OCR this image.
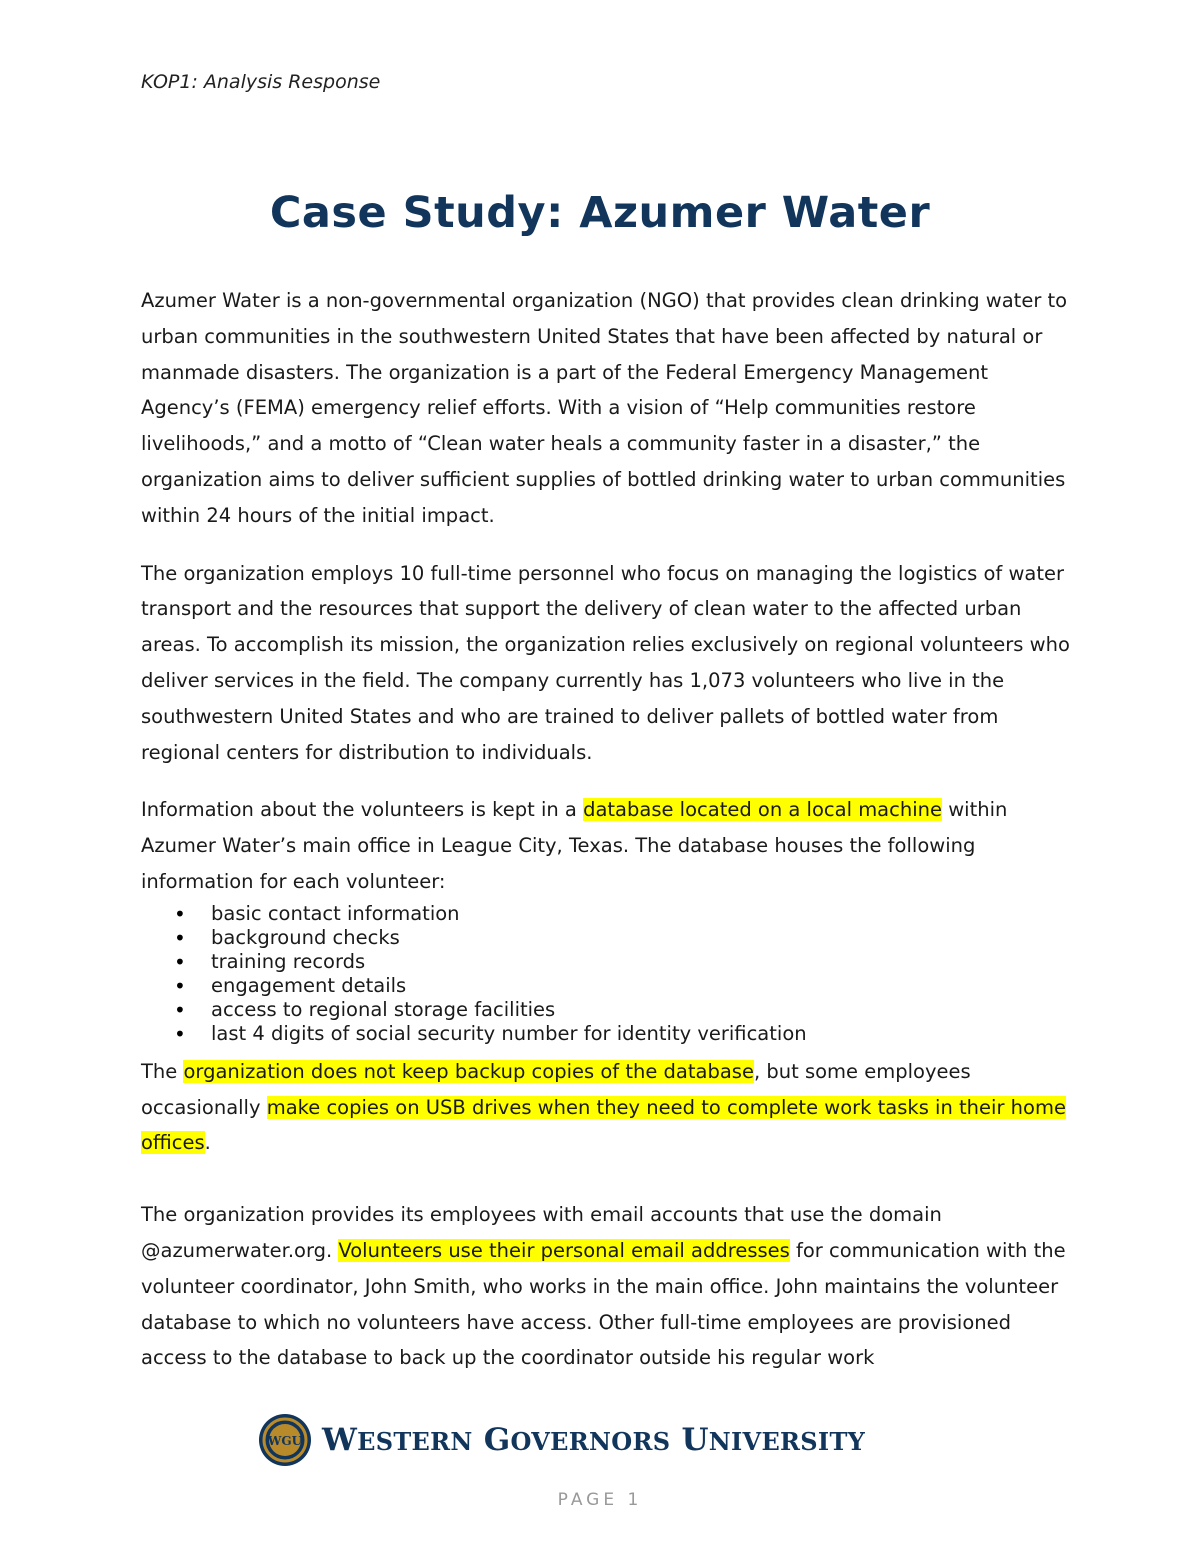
KOP1: Analysis Response
Case Study: Azumer Water

Azumer Water is a non-governmental organization (NGO) that provides clean drinking water to urban communities in the southwestern United States that have been affected by natural or manmade disasters. The organization is a part of the Federal Emergency Management Agency’s (FEMA) emergency relief efforts. With a vision of “Help communities restore livelihoods,” and a motto of “Clean water heals a community faster in a disaster,” the organization aims to deliver sufficient supplies of bottled drinking water to urban communities within 24 hours of the initial impact.

The organization employs 10 full-time personnel who focus on managing the logistics of water transport and the resources that support the delivery of clean water to the affected urban areas. To accomplish its mission, the organization relies exclusively on regional volunteers who deliver services in the field. The company currently has 1,073 volunteers who live in the southwestern United States and who are trained to deliver pallets of bottled water from regional centers for distribution to individuals.

Information about the volunteers is kept in a database located on a local machine within Azumer Water’s main office in League City, Texas. The database houses the following information for each volunteer:

• basic contact information
• background checks
• training records
• engagement details
• access to regional storage facilities
• last 4 digits of social security number for identity verification

The organization does not keep backup copies of the database, but some employees occasionally make copies on USB drives when they need to complete work tasks in their home offices.

The organization provides its employees with email accounts that use the domain @azumerwater.org. Volunteers use their personal email addresses for communication with the volunteer coordinator, John Smith, who works in the main office. John maintains the volunteer database to which no volunteers have access. Other full-time employees are provisioned access to the database to back up the coordinator outside his regular work

WGU WESTERN GOVERNORS UNIVERSITY
PAGE 1
